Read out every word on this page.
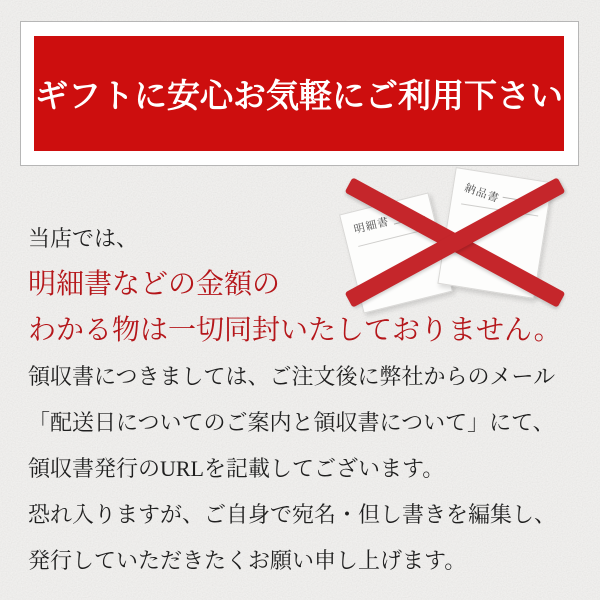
ギフトに安心お気軽にご利用下さい
明細書
納品書
当店では、
明細書などの金額の
わかる物は一切同封いたしておりません。
領収書につきましては、ご注文後に弊社からのメール
「配送日についてのご案内と領収書について」にて、
領収書発行のURLを記載してございます。
恐れ入りますが、ご自身で宛名・但し書きを編集し、
発行していただきたくお願い申し上げます。
